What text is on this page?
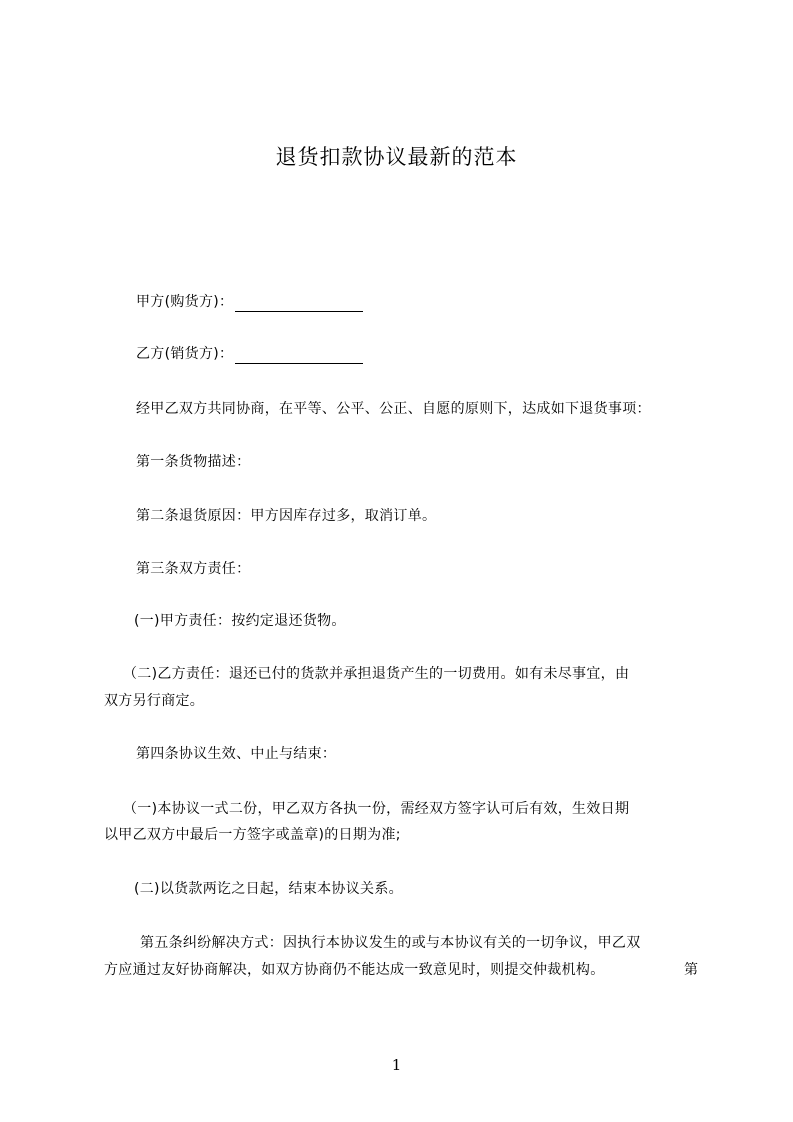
退货扣款协议最新的范本
甲方(购货方)：
乙方(销货方)：
经甲乙双方共同协商，在平等、公平、公正、自愿的原则下，达成如下退货事项：
第一条货物描述：
第二条退货原因：甲方因库存过多，取消订单。
第三条双方责任：
(一)甲方责任：按约定退还货物。
（二)乙方责任：退还已付的货款并承担退货产生的一切费用。如有未尽事宜，由
双方另行商定。
第四条协议生效、中止与结束：
（一)本协议一式二份，甲乙双方各执一份，需经双方签字认可后有效，生效日期
以甲乙双方中最后一方签字或盖章)的日期为准;
(二)以货款两讫之日起，结束本协议关系。
第五条纠纷解决方式：因执行本协议发生的或与本协议有关的一切争议，甲乙双
方应通过友好协商解决，如双方协商仍不能达成一致意见时，则提交仲裁机构。	第
1
